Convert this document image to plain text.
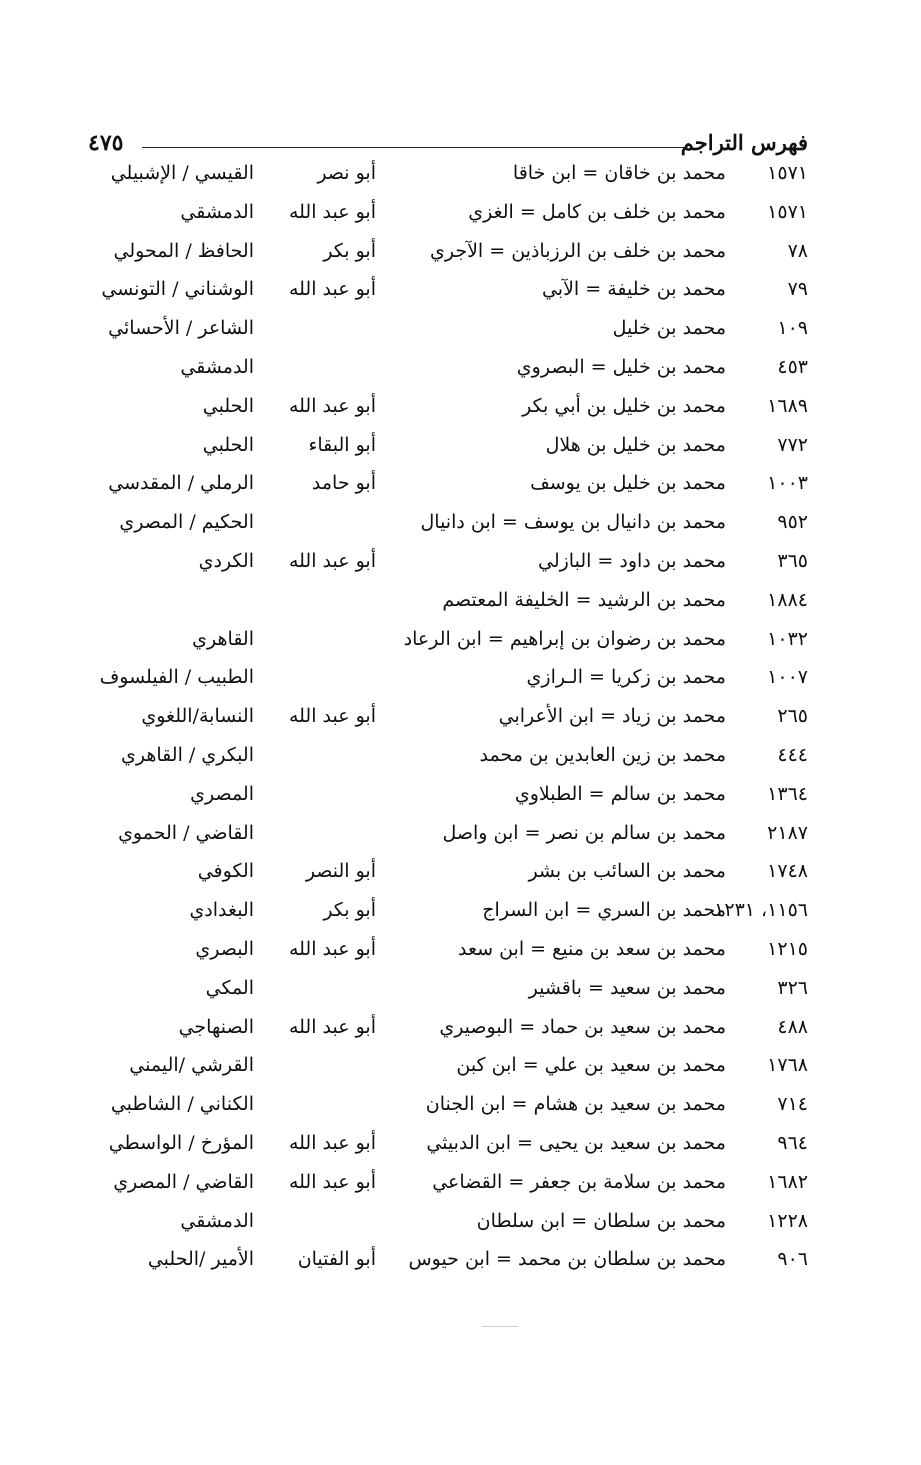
٤٧٥	فهرس التراجم
١٥٧١
محمد بن خاقان = ابن خاقا
أبو نصر
القيسي / الإشبيلي
١٥٧١
محمد بن خلف بن كامل = الغزي
أبو عبد الله
الدمشقي
٧٨
محمد بن خلف بن الرزباذين = الآجري
أبو بكر
الحافظ / المحولي
٧٩
محمد بن خليفة = الآبي
أبو عبد الله
الوشناني / التونسي
١٠٩
محمد بن خليل
الشاعر / الأحسائي
٤٥٣
محمد بن خليل = البصروي
الدمشقي
١٦٨٩
محمد بن خليل بن أبي بكر
أبو عبد الله
الحلبي
٧٧٢
محمد بن خليل بن هلال
أبو البقاء
الحلبي
١٠٠٣
محمد بن خليل بن يوسف
أبو حامد
الرملي / المقدسي
٩٥٢
محمد بن دانيال بن يوسف = ابن دانيال
الحكيم / المصري
٣٦٥
محمد بن داود = البازلي
أبو عبد الله
الكردي
١٨٨٤
محمد بن الرشيد = الخليفة المعتصم
١٠٣٢
محمد بن رضوان بن إبراهيم = ابن الرعاد
القاهري
١٠٠٧
محمد بن زكريا = الـرازي
الطبيب / الفيلسوف
٢٦٥
محمد بن زياد = ابن الأعرابي
أبو عبد الله
النسابة/اللغوي
٤٤٤
محمد بن زين العابدين بن محمد
البكري / القاهري
١٣٦٤
محمد بن سالم = الطبلاوي
المصري
٢١٨٧
محمد بن سالم بن نصر = ابن واصل
القاضي / الحموي
١٧٤٨
محمد بن السائب بن بشر
أبو النصر
الكوفي
١١٥٦، ١٢٣١
محمد بن السري = ابن السراج
أبو بكر
البغدادي
١٢١٥
محمد بن سعد بن منيع = ابن سعد
أبو عبد الله
البصري
٣٢٦
محمد بن سعيد = باقشير
المكي
٤٨٨
محمد بن سعيد بن حماد = البوصيري
أبو عبد الله
الصنهاجي
١٧٦٨
محمد بن سعيد بن علي = ابن كبن
القرشي /اليمني
٧١٤
محمد بن سعيد بن هشام = ابن الجنان
الكناني / الشاطبي
٩٦٤
محمد بن سعيد بن يحيى = ابن الدبيثي
أبو عبد الله
المؤرخ / الواسطي
١٦٨٢
محمد بن سلامة بن جعفر = القضاعي
أبو عبد الله
القاضي / المصري
١٢٢٨
محمد بن سلطان = ابن سلطان
الدمشقي
٩٠٦
محمد بن سلطان بن محمد = ابن حيوس
أبو الفتيان
الأمير /الحلبي
